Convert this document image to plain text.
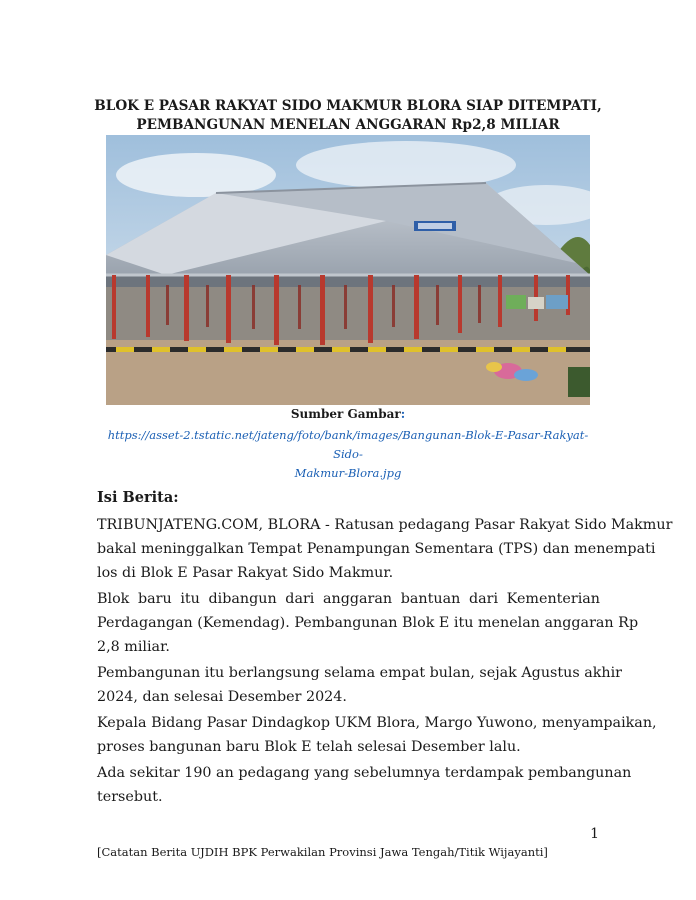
BLOK E PASAR RAKYAT SIDO MAKMUR BLORA SIAP DITEMPATI,
PEMBANGUNAN MENELAN ANGGARAN Rp2,8 MILIAR
Sumber Gambar:
https://asset-2.tstatic.net/jateng/foto/bank/images/Bangunan-Blok-E-Pasar-Rakyat-Sido-
Makmur-Blora.jpg
Isi Berita:

TRIBUNJATENG.COM, BLORA - Ratusan pedagang Pasar Rakyat Sido Makmur
bakal meninggalkan Tempat Penampungan Sementara (TPS) dan menempati
los di Blok E Pasar Rakyat Sido Makmur.

Blok baru itu dibangun dari anggaran bantuan dari Kementerian
Perdagangan (Kemendag). Pembangunan Blok E itu menelan anggaran Rp
2,8 miliar.

Pembangunan itu berlangsung selama empat bulan, sejak Agustus akhir
2024, dan selesai Desember 2024.

Kepala Bidang Pasar Dindagkop UKM Blora, Margo Yuwono, menyampaikan,
proses bangunan baru Blok E telah selesai Desember lalu.

Ada sekitar 190 an pedagang yang sebelumnya terdampak pembangunan
tersebut.

1
[Catatan Berita UJDIH BPK Perwakilan Provinsi Jawa Tengah/Titik Wijayanti]
